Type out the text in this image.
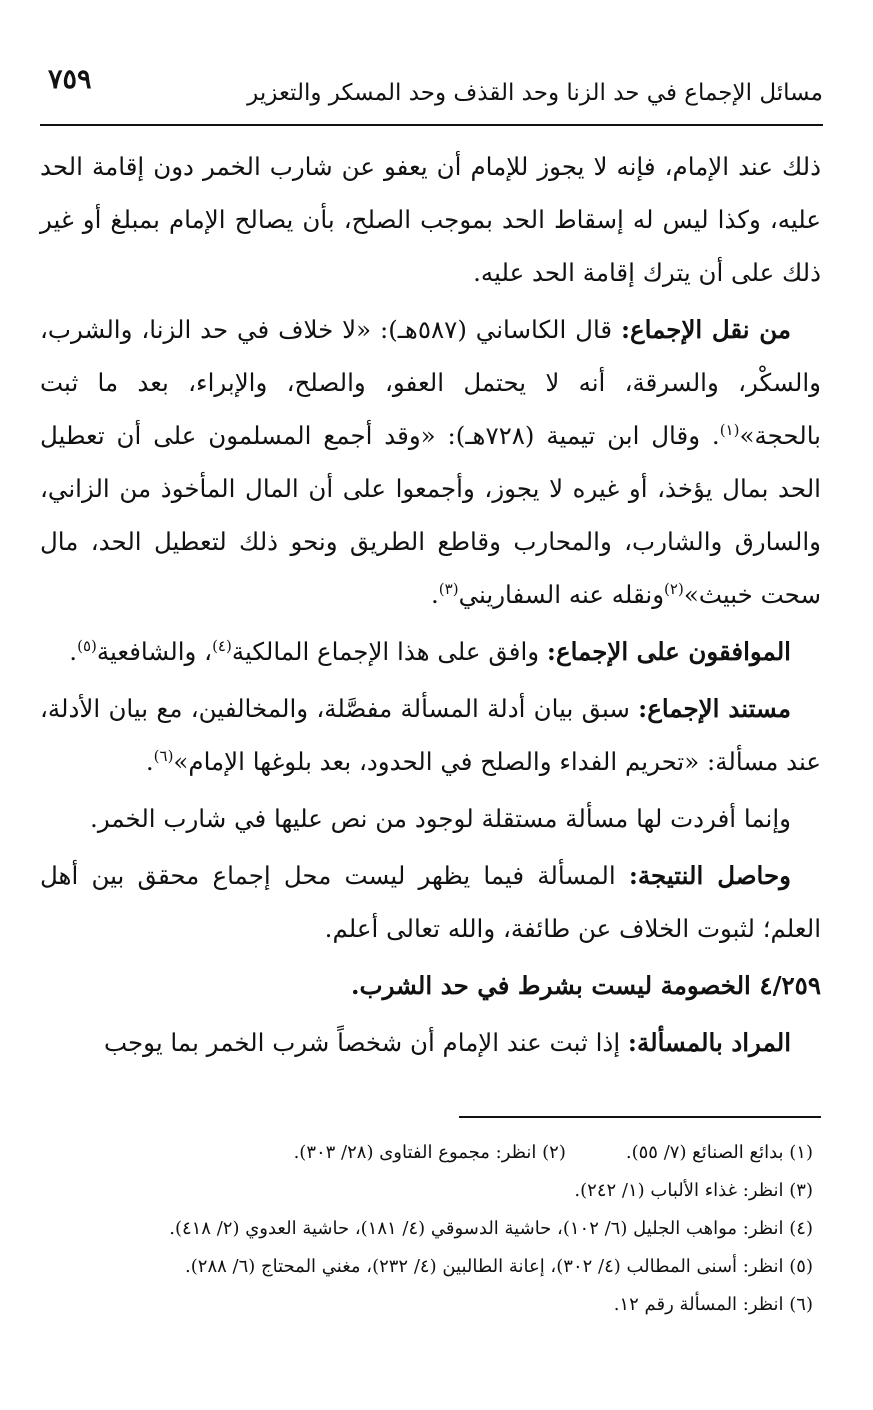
مسائل الإجماع في حد الزنا وحد القذف وحد المسكر والتعزير
٧٥٩

ذلك عند الإمام، فإنه لا يجوز للإمام أن يعفو عن شارب الخمر دون إقامة الحد عليه، وكذا ليس له إسقاط الحد بموجب الصلح، بأن يصالح الإمام بمبلغ أو غير ذلك على أن يترك إقامة الحد عليه.

من نقل الإجماع: قال الكاساني (٥٨٧هـ): «لا خلاف في حد الزنا، والشرب، والسكْر، والسرقة، أنه لا يحتمل العفو، والصلح، والإبراء، بعد ما ثبت بالحجة»$^{(١)}$. وقال ابن تيمية (٧٢٨هـ): «وقد أجمع المسلمون على أن تعطيل الحد بمال يؤخذ، أو غيره لا يجوز، وأجمعوا على أن المال المأخوذ من الزاني، والسارق والشارب، والمحارب وقاطع الطريق ونحو ذلك لتعطيل الحد، مال سحت خبيث»$^{(٢)}$ونقله عنه السفاريني$^{(٣)}$.

الموافقون على الإجماع: وافق على هذا الإجماع المالكية$^{(٤)}$، والشافعية$^{(٥)}$.

مستند الإجماع: سبق بيان أدلة المسألة مفصَّلة، والمخالفين، مع بيان الأدلة، عند مسألة: «تحريم الفداء والصلح في الحدود، بعد بلوغها الإمام»$^{(٦)}$.

وإنما أفردت لها مسألة مستقلة لوجود من نص عليها في شارب الخمر.

وحاصل النتيجة: المسألة فيما يظهر ليست محل إجماع محقق بين أهل العلم؛ لثبوت الخلاف عن طائفة، والله تعالى أعلم.

٤/٢٥٩ الخصومة ليست بشرط في حد الشرب.

المراد بالمسألة: إذا ثبت عند الإمام أن شخصاً شرب الخمر بما يوجب

(١) بدائع الصنائع (٧/ ٥٥).
(٢) انظر: مجموع الفتاوى (٢٨/ ٣٠٣).
(٣) انظر: غذاء الألباب (١/ ٢٤٢).
(٤) انظر: مواهب الجليل (٦/ ١٠٢)، حاشية الدسوقي (٤/ ١٨١)، حاشية العدوي (٢/ ٤١٨).
(٥) انظر: أسنى المطالب (٤/ ٣٠٢)، إعانة الطالبين (٤/ ٢٣٢)، مغني المحتاج (٦/ ٢٨٨).
(٦) انظر: المسألة رقم ١٢.
